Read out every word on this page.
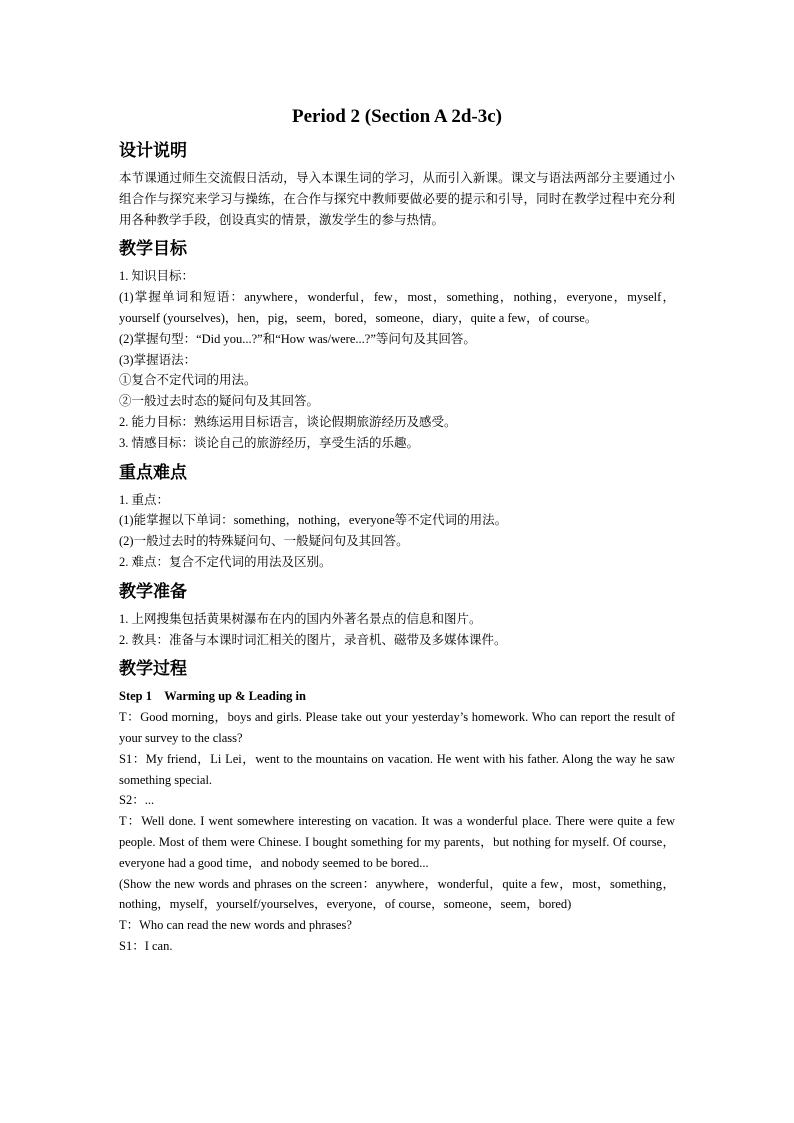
Period 2 (Section A 2d-3c)
设计说明

本节课通过师生交流假日活动，导入本课生词的学习，从而引入新课。课文与语法两部分主要通过小组合作与探究来学习与操练，在合作与探究中教师要做必要的提示和引导，同时在教学过程中充分利用各种教学手段，创设真实的情景，激发学生的参与热情。

教学目标

1. 知识目标：

(1)掌握单词和短语：anywhere，wonderful，few，most，something，nothing，everyone，myself，yourself (yourselves)，hen，pig，seem，bored，someone，diary，quite a few，of course。

(2)掌握句型：“Did you...?”和“How was/were...?”等问句及其回答。

(3)掌握语法：

①复合不定代词的用法。

②一般过去时态的疑问句及其回答。

2. 能力目标：熟练运用目标语言，谈论假期旅游经历及感受。

3. 情感目标：谈论自己的旅游经历，享受生活的乐趣。

重点难点

1. 重点：

(1)能掌握以下单词：something，nothing，everyone等不定代词的用法。

(2)一般过去时的特殊疑问句、一般疑问句及其回答。

2. 难点：复合不定代词的用法及区别。

教学准备

1. 上网搜集包括黄果树瀑布在内的国内外著名景点的信息和图片。

2. 教具：准备与本课时词汇相关的图片，录音机、磁带及多媒体课件。

教学过程

Step 1    Warming up & Leading in

T：Good morning，boys and girls. Please take out your yesterday’s homework. Who can report the result of your survey to the class?

S1：My friend，Li Lei，went to the mountains on vacation. He went with his father. Along the way he saw something special.

S2：...

T：Well done. I went somewhere interesting on vacation. It was a wonderful place. There were quite a few people. Most of them were Chinese. I bought something for my parents，but nothing for myself. Of course，everyone had a good time，and nobody seemed to be bored...

(Show the new words and phrases on the screen：anywhere，wonderful，quite a few，most，something，nothing，myself，yourself/yourselves，everyone，of course，someone，seem，bored)

T：Who can read the new words and phrases?

S1：I can.
